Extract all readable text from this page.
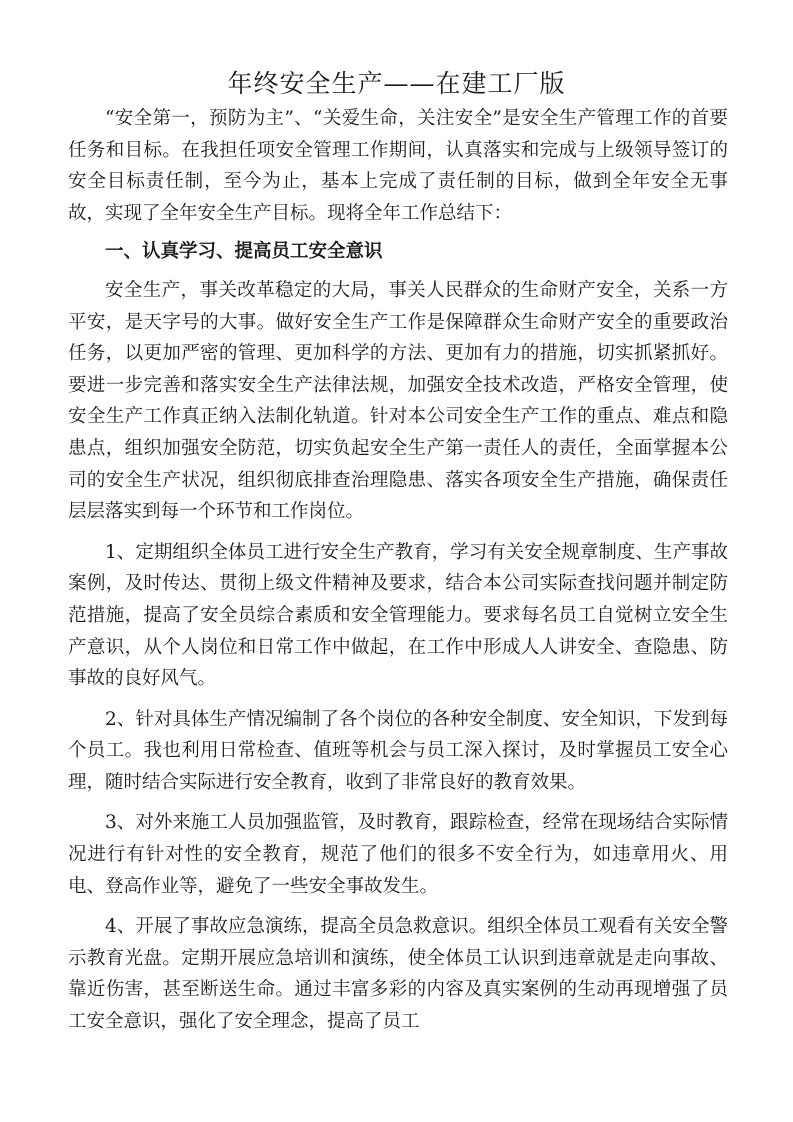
年终安全生产——在建工厂版

“安全第一，预防为主”、“关爱生命，关注安全”是安全生产管理工作的首要任务和目标。在我担任项安全管理工作期间，认真落实和完成与上级领导签订的安全目标责任制，至今为止，基本上完成了责任制的目标，做到全年安全无事故，实现了全年安全生产目标。现将全年工作总结下：

一、认真学习、提高员工安全意识

安全生产，事关改革稳定的大局，事关人民群众的生命财产安全，关系一方平安，是天字号的大事。做好安全生产工作是保障群众生命财产安全的重要政治任务，以更加严密的管理、更加科学的方法、更加有力的措施，切实抓紧抓好。要进一步完善和落实安全生产法律法规，加强安全技术改造，严格安全管理，使安全生产工作真正纳入法制化轨道。针对本公司安全生产工作的重点、难点和隐患点，组织加强安全防范，切实负起安全生产第一责任人的责任，全面掌握本公司的安全生产状况，组织彻底排查治理隐患、落实各项安全生产措施，确保责任层层落实到每一个环节和工作岗位。

1、定期组织全体员工进行安全生产教育，学习有关安全规章制度、生产事故案例，及时传达、贯彻上级文件精神及要求，结合本公司实际查找问题并制定防范措施，提高了安全员综合素质和安全管理能力。要求每名员工自觉树立安全生产意识，从个人岗位和日常工作中做起，在工作中形成人人讲安全、查隐患、防事故的良好风气。

2、针对具体生产情况编制了各个岗位的各种安全制度、安全知识，下发到每个员工。我也利用日常检查、值班等机会与员工深入探讨，及时掌握员工安全心理，随时结合实际进行安全教育，收到了非常良好的教育效果。

3、对外来施工人员加强监管，及时教育，跟踪检查，经常在现场结合实际情况进行有针对性的安全教育，规范了他们的很多不安全行为，如违章用火、用电、登高作业等，避免了一些安全事故发生。

4、开展了事故应急演练，提高全员急救意识。组织全体员工观看有关安全警示教育光盘。定期开展应急培训和演练，使全体员工认识到违章就是走向事故、靠近伤害，甚至断送生命。通过丰富多彩的内容及真实案例的生动再现增强了员工安全意识，强化了安全理念，提高了员工
